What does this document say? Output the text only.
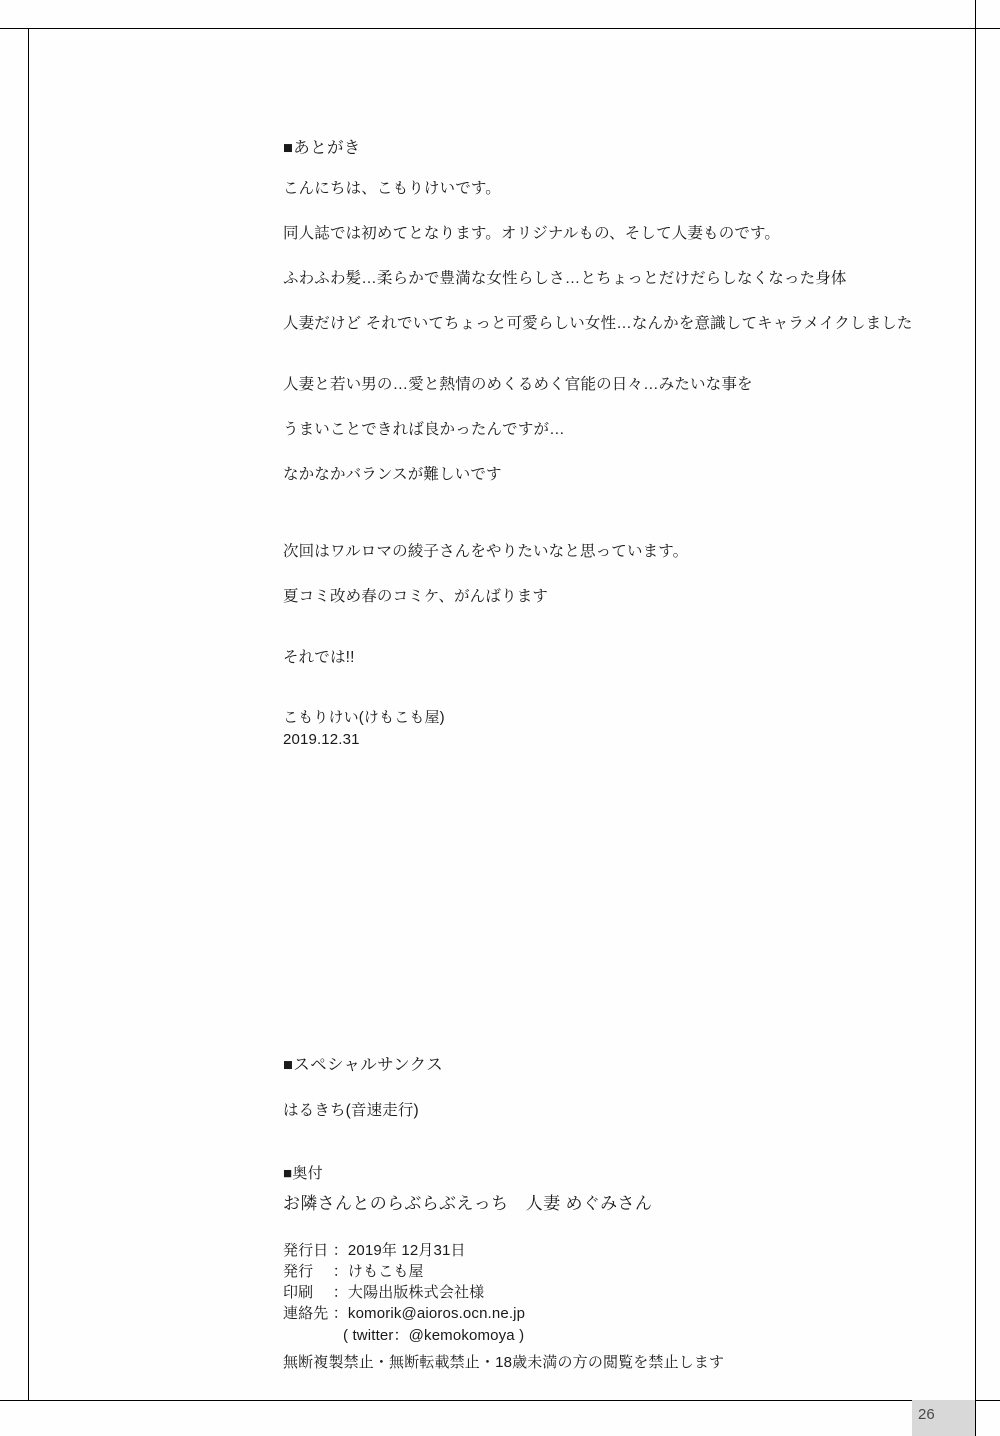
■あとがき

こんにちは、こもりけいです。

同人誌では初めてとなります。オリジナルもの、そして人妻ものです。

ふわふわ髪…柔らかで豊満な女性らしさ…とちょっとだけだらしなくなった身体

人妻だけど それでいてちょっと可愛らしい女性…なんかを意識してキャラメイクしました

人妻と若い男の…愛と熱情のめくるめく官能の日々…みたいな事を

うまいことできれば良かったんですが…

なかなかバランスが難しいです

次回はワルロマの綾子さんをやりたいなと思っています。

夏コミ改め春のコミケ、がんばります

それでは!!

こもりけい(けもこも屋)

2019.12.31

■スペシャルサンクス

はるきち(音速走行)

■奥付

お隣さんとのらぶらぶえっち　人妻 めぐみさん

発行日 ：2019年 12月31日

発行　 ：けもこも屋

印刷　 ：大陽出版株式会社様

連絡先 ：komorik@aioros.ocn.ne.jp

( twitter：@kemokomoya )

無断複製禁止・無断転載禁止・18歳未満の方の閲覧を禁止します

26
